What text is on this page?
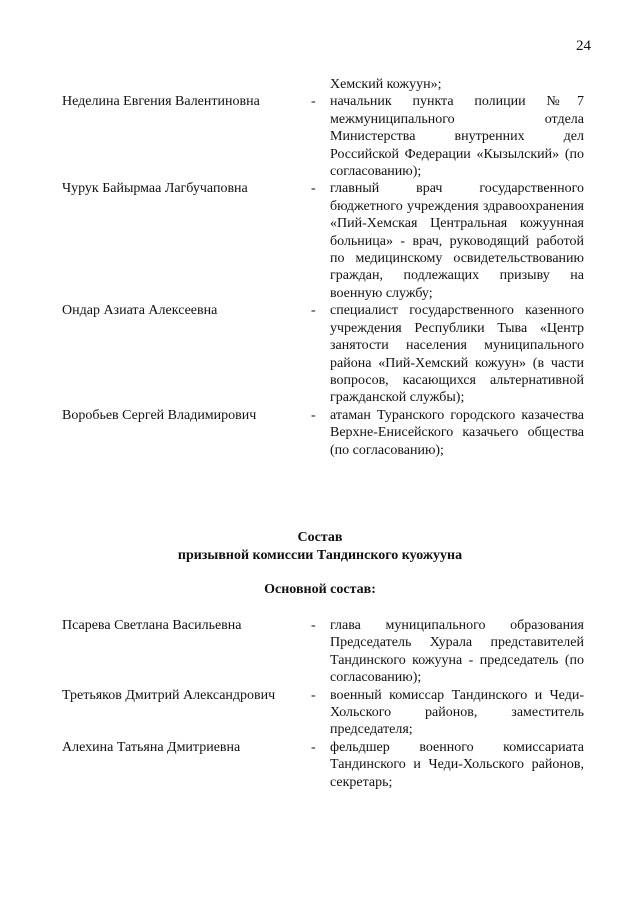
24
Хемский кожуун»;
Неделина Евгения Валентиновна	- начальник пункта полиции №7 межмуниципального отдела Министерства внутренних дел Российской Федерации «Кызылский» (по согласованию);
Чурук Байырмаа Лагбучаповна	- главный врач государственного бюджетного учреждения здравоохранения «Пий-Хемская Центральная кожуунная больница» - врач, руководящий работой по медицинскому освидетельствованию граждан, подлежащих призыву на военную службу;
Ондар Азиата Алексеевна	- специалист государственного казенного учреждения Республики Тыва «Центр занятости населения муниципального района «Пий-Хемский кожуун» (в части вопросов, касающихся альтернативной гражданской службы);
Воробьев Сергей Владимирович	- атаман Туранского городского казачества Верхне-Енисейского казачьего общества (по согласованию);
Состав
призывной комиссии Тандинского куожууна
Основной состав:
Псарева Светлана Васильевна	- глава муниципального образования Председатель Хурала представителей Тандинского кожууна - председатель (по согласованию);
Третьяков Дмитрий Александрович	- военный комиссар Тандинского и Чеди-Хольского районов, заместитель председателя;
Алехина Татьяна Дмитриевна	- фельдшер военного комиссариата Тандинского и Чеди-Хольского районов, секретарь;
